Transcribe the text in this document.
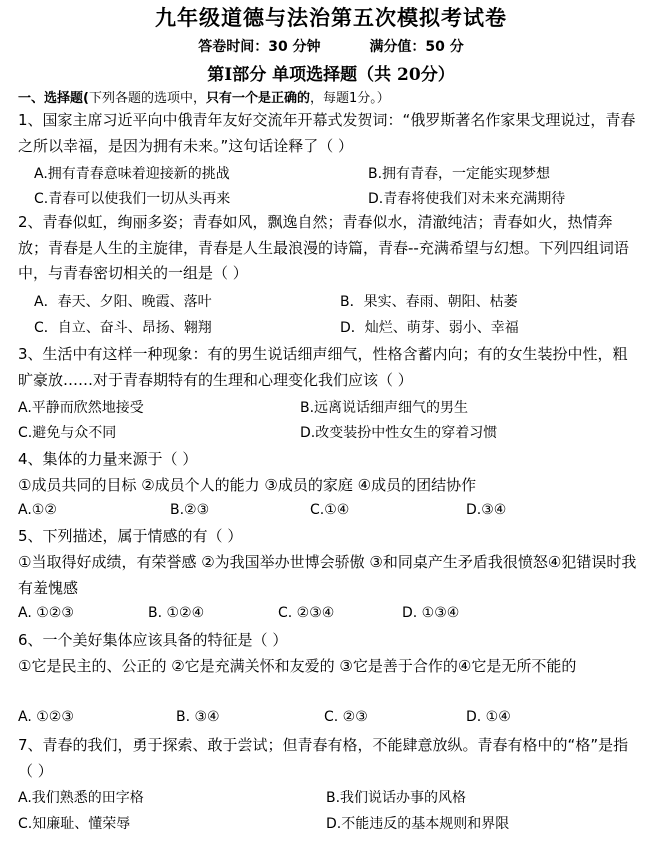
九年级道德与法治第五次模拟考试卷
答卷时间：30 分钟	满分值：50 分
第Ⅰ部分 单项选择题（共 20分）
一、选择题(下列各题的选项中，只有一个是正确的，每题1分。）
1、国家主席习近平向中俄青年友好交流年开幕式发贺词：“俄罗斯著名作家果戈理说过，青春之所以幸福，是因为拥有未来。”这句话诠释了（ ）
A.拥有青春意味着迎接新的挑战	B.拥有青春，一定能实现梦想
C.青春可以使我们一切从头再来	D.青春将使我们对未来充满期待
2、青春似虹，绚丽多姿；青春如风，飘逸自然；青春似水，清澈纯洁；青春如火，热情奔放；青春是人生的主旋律，青春是人生最浪漫的诗篇，青春--充满希望与幻想。下列四组词语中，与青春密切相关的一组是（ ）
A．春天、夕阳、晚霞、落叶	B．果实、春雨、朝阳、枯萎
C．自立、奋斗、昂扬、翱翔	D．灿烂、萌芽、弱小、幸福
3、生活中有这样一种现象：有的男生说话细声细气，性格含蓄内向；有的女生装扮中性，粗旷豪放……对于青春期特有的生理和心理变化我们应该（ ）
A.平静而欣然地接受	B.远离说话细声细气的男生
C.避免与众不同	D.改变装扮中性女生的穿着习惯
4、集体的力量来源于（ ）
①成员共同的目标 ②成员个人的能力 ③成员的家庭 ④成员的团结协作
A.①②	B.②③	C.①④	D.③④
5、下列描述，属于情感的有（ ）
①当取得好成绩，有荣誉感 ②为我国举办世博会骄傲 ③和同桌产生矛盾我很愤怒④犯错误时我有羞愧感
A. ①②③	B. ①②④	C. ②③④	D. ①③④
6、一个美好集体应该具备的特征是（ ）
①它是民主的、公正的 ②它是充满关怀和友爱的 ③它是善于合作的④它是无所不能的
A. ①②③	B. ③④	C. ②③	D. ①④
7、青春的我们，勇于探索、敢于尝试；但青春有格，不能肆意放纵。青春有格中的“格”是指（ ）
A.我们熟悉的田字格	B.我们说话办事的风格
C.知廉耻、懂荣辱	D.不能违反的基本规则和界限
